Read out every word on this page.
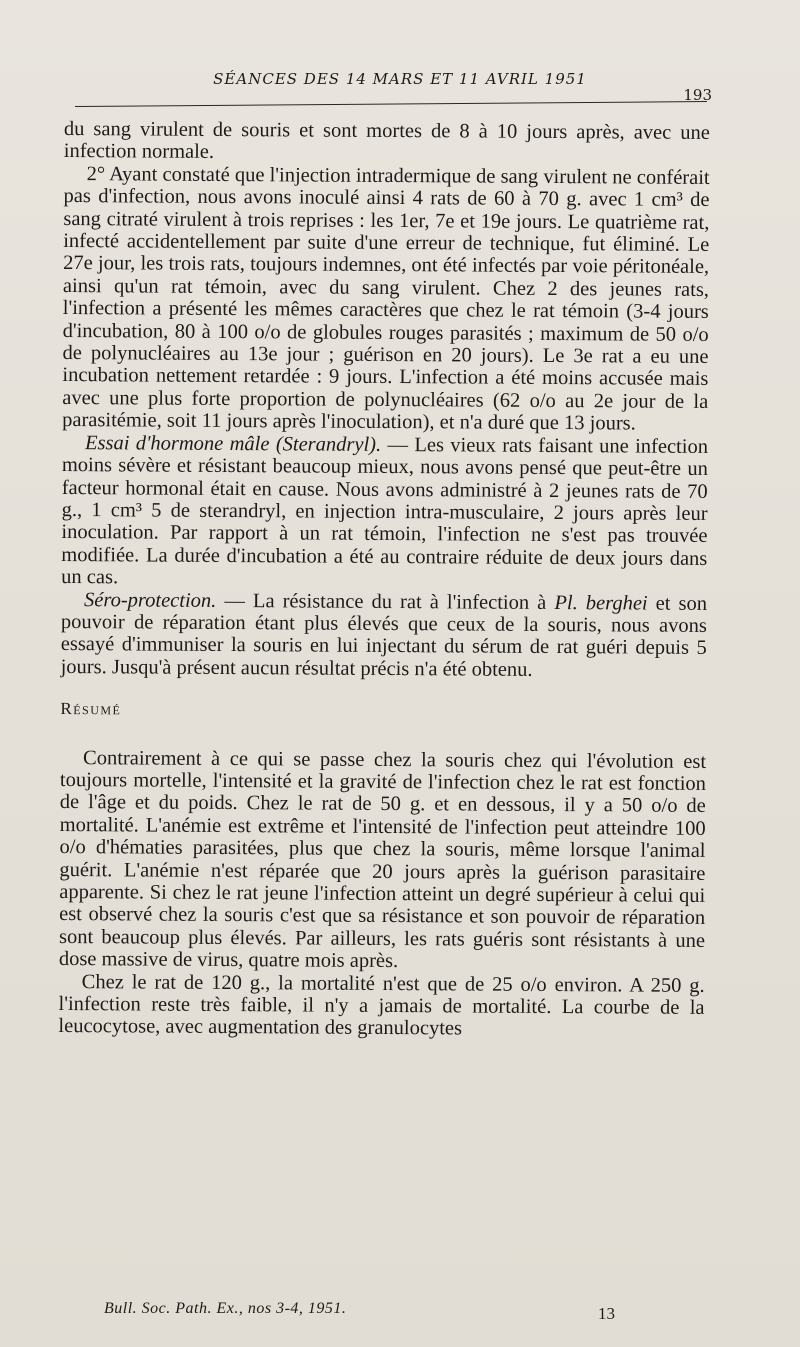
SÉANCES DES 14 MARS ET 11 AVRIL 1951
193

du sang virulent de souris et sont mortes de 8 à 10 jours après, avec une infection normale.

2° Ayant constaté que l'injection intradermique de sang virulent ne conférait pas d'infection, nous avons inoculé ainsi 4 rats de 60 à 70 g. avec 1 cm³ de sang citraté virulent à trois reprises : les 1er, 7e et 19e jours. Le quatrième rat, infecté accidentellement par suite d'une erreur de technique, fut éliminé. Le 27e jour, les trois rats, toujours indemnes, ont été infectés par voie péritonéale, ainsi qu'un rat témoin, avec du sang virulent. Chez 2 des jeunes rats, l'infection a présenté les mêmes caractères que chez le rat témoin (3-4 jours d'incubation, 80 à 100 o/o de globules rouges parasités ; maximum de 50 o/o de polynucléaires au 13e jour ; guérison en 20 jours). Le 3e rat a eu une incubation nettement retardée : 9 jours. L'infection a été moins accusée mais avec une plus forte proportion de polynucléaires (62 o/o au 2e jour de la parasitémie, soit 11 jours après l'inoculation), et n'a duré que 13 jours.

Essai d'hormone mâle (Sterandryl). — Les vieux rats faisant une infection moins sévère et résistant beaucoup mieux, nous avons pensé que peut-être un facteur hormonal était en cause. Nous avons administré à 2 jeunes rats de 70 g., 1 cm³ 5 de sterandryl, en injection intra-musculaire, 2 jours après leur inoculation. Par rapport à un rat témoin, l'infection ne s'est pas trouvée modifiée. La durée d'incubation a été au contraire réduite de deux jours dans un cas.

Séro-protection. — La résistance du rat à l'infection à Pl. berghei et son pouvoir de réparation étant plus élevés que ceux de la souris, nous avons essayé d'immuniser la souris en lui injectant du sérum de rat guéri depuis 5 jours. Jusqu'à présent aucun résultat précis n'a été obtenu.

Résumé

Contrairement à ce qui se passe chez la souris chez qui l'évolution est toujours mortelle, l'intensité et la gravité de l'infection chez le rat est fonction de l'âge et du poids. Chez le rat de 50 g. et en dessous, il y a 50 o/o de mortalité. L'anémie est extrême et l'intensité de l'infection peut atteindre 100 o/o d'hématies parasitées, plus que chez la souris, même lorsque l'animal guérit. L'anémie n'est réparée que 20 jours après la guérison parasitaire apparente. Si chez le rat jeune l'infection atteint un degré supérieur à celui qui est observé chez la souris c'est que sa résistance et son pouvoir de réparation sont beaucoup plus élevés. Par ailleurs, les rats guéris sont résistants à une dose massive de virus, quatre mois après.

Chez le rat de 120 g., la mortalité n'est que de 25 o/o environ. A 250 g. l'infection reste très faible, il n'y a jamais de mortalité. La courbe de la leucocytose, avec augmentation des granulocytes

Bull. Soc. Path. Ex., nos 3-4, 1951.	13
